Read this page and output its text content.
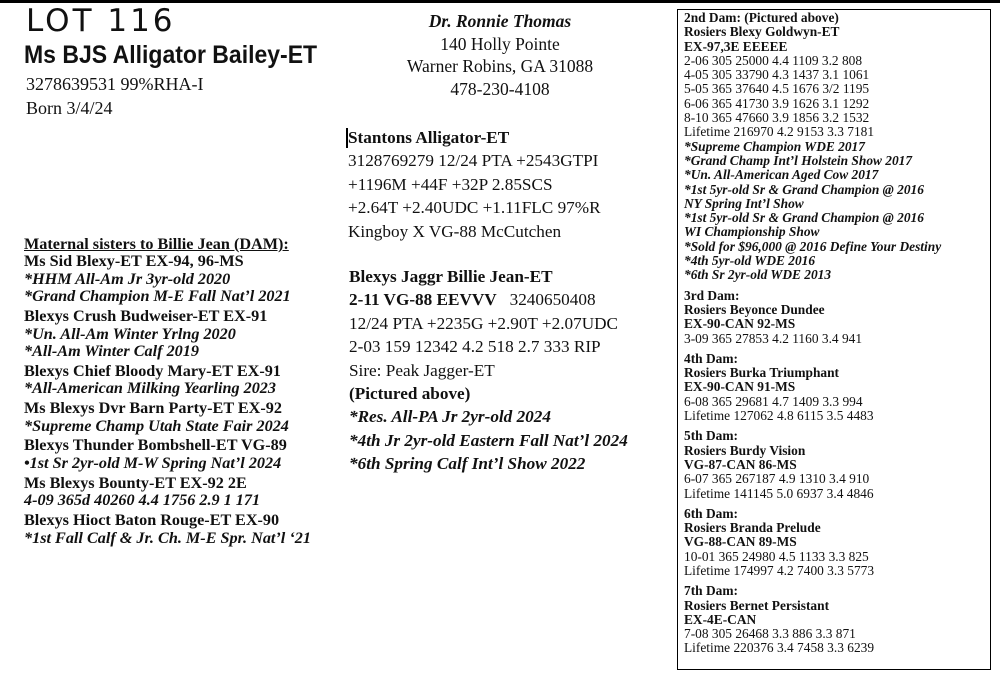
LOT 116
Ms BJS Alligator Bailey-ET
3278639531 99%RHA-I
Born 3/4/24
Dr. Ronnie Thomas
140 Holly Pointe
Warner Robins, GA 31088
478-230-4108
Stantons Alligator-ET
3128769279 12/24 PTA +2543GTPI
+1196M +44F +32P 2.85SCS
+2.64T +2.40UDC +1.11FLC 97%R
Kingboy X VG-88 McCutchen
Blexys Jaggr Billie Jean-ET
2-11 VG-88 EEVVV 3240650408
12/24 PTA +2235G +2.90T +2.07UDC
2-03 159 12342 4.2 518 2.7 333 RIP
Sire: Peak Jagger-ET
(Pictured above)
*Res. All-PA Jr 2yr-old 2024
*4th Jr 2yr-old Eastern Fall Nat’l 2024
*6th Spring Calf Int’l Show 2022
Maternal sisters to Billie Jean (DAM):
Ms Sid Blexy-ET EX-94, 96-MS
*HHM All-Am Jr 3yr-old 2020
*Grand Champion M-E Fall Nat’l 2021
Blexys Crush Budweiser-ET EX-91
*Un. All-Am Winter Yrlng 2020
*All-Am Winter Calf 2019
Blexys Chief Bloody Mary-ET EX-91
*All-American Milking Yearling 2023
Ms Blexys Dvr Barn Party-ET EX-92
*Supreme Champ Utah State Fair 2024
Blexys Thunder Bombshell-ET VG-89
•1st Sr 2yr-old M-W Spring Nat’l 2024
Ms Blexys Bounty-ET EX-92 2E
4-09 365d 40260 4.4 1756 2.9 1 171
Blexys Hioct Baton Rouge-ET EX-90
*1st Fall Calf & Jr. Ch. M-E Spr. Nat’l ‘21
2nd Dam: (Pictured above)
Rosiers Blexy Goldwyn-ET
EX-97,3E EEEEE
2-06 305 25000 4.4 1109 3.2 808
4-05 305 33790 4.3 1437 3.1 1061
5-05 365 37640 4.5 1676 3/2 1195
6-06 365 41730 3.9 1626 3.1 1292
8-10 365 47660 3.9 1856 3.2 1532
Lifetime 216970 4.2 9153 3.3 7181
*Supreme Champion WDE 2017
*Grand Champ Int’l Holstein Show 2017
*Un. All-American Aged Cow 2017
*1st 5yr-old Sr & Grand Champion @ 2016
NY Spring Int’l Show
*1st 5yr-old Sr & Grand Champion @ 2016
WI Championship Show
*Sold for $96,000 @ 2016 Define Your Destiny
*4th 5yr-old WDE 2016
*6th Sr 2yr-old WDE 2013
3rd Dam:
Rosiers Beyonce Dundee
EX-90-CAN 92-MS
3-09 365 27853 4.2 1160 3.4 941
4th Dam:
Rosiers Burka Triumphant
EX-90-CAN 91-MS
6-08 365 29681 4.7 1409 3.3 994
Lifetime 127062 4.8 6115 3.5 4483
5th Dam:
Rosiers Burdy Vision
VG-87-CAN 86-MS
6-07 365 267187 4.9 1310 3.4 910
Lifetime 141145 5.0 6937 3.4 4846
6th Dam:
Rosiers Branda Prelude
VG-88-CAN 89-MS
10-01 365 24980 4.5 1133 3.3 825
Lifetime 174997 4.2 7400 3.3 5773
7th Dam:
Rosiers Bernet Persistant
EX-4E-CAN
7-08 305 26468 3.3 886 3.3 871
Lifetime 220376 3.4 7458 3.3 6239
